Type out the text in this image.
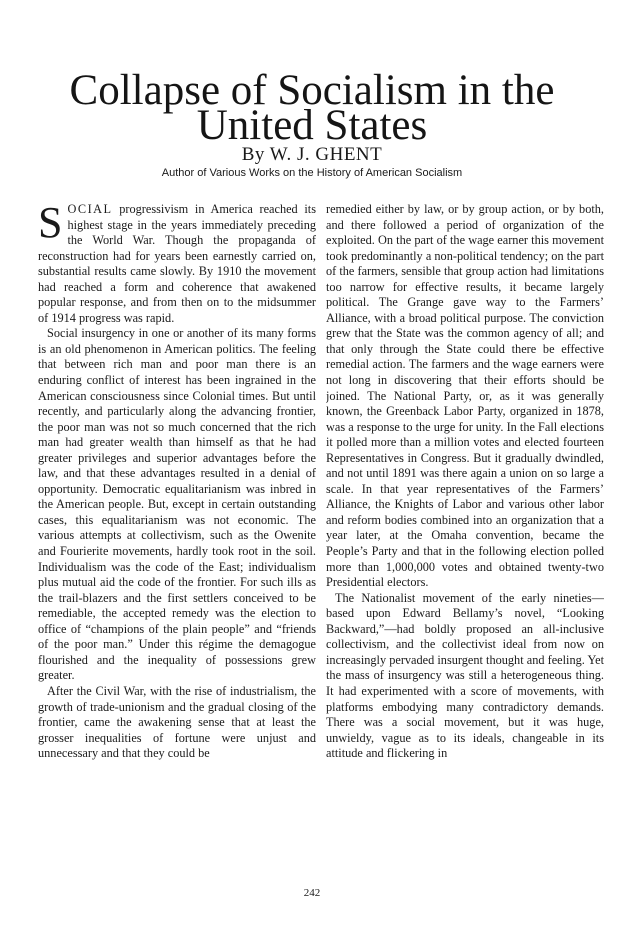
Collapse of Socialism in the
United States

By W. J. GHENT

Author of Various Works on the History of American Socialism

SOCIAL progressivism in America reached its highest stage in the years immediately preceding the World War. Though the propaganda of reconstruction had for years been earnestly carried on, substantial results came slowly. By 1910 the movement had reached a form and coherence that awakened popular response, and from then on to the midsummer of 1914 progress was rapid.

Social insurgency in one or another of its many forms is an old phenomenon in American politics. The feeling that between rich man and poor man there is an enduring conflict of interest has been ingrained in the American consciousness since Colonial times. But until recently, and particularly along the advancing frontier, the poor man was not so much concerned that the rich man had greater wealth than himself as that he had greater privileges and superior advantages before the law, and that these advantages resulted in a denial of opportunity. Democratic equalitarianism was inbred in the American people. But, except in certain outstanding cases, this equalitarianism was not economic. The various attempts at collectivism, such as the Owenite and Fourierite movements, hardly took root in the soil. Individualism was the code of the East; individualism plus mutual aid the code of the frontier. For such ills as the trail-blazers and the first settlers conceived to be remediable, the accepted remedy was the election to office of “champions of the plain people” and “friends of the poor man.” Under this régime the demagogue flourished and the inequality of possessions grew greater.

After the Civil War, with the rise of industrialism, the growth of trade-unionism and the gradual closing of the frontier, came the awakening sense that at least the grosser inequalities of fortune were unjust and unnecessary and that they could be

remedied either by law, or by group action, or by both, and there followed a period of organization of the exploited. On the part of the wage earner this movement took predominantly a non-political tendency; on the part of the farmers, sensible that group action had limitations too narrow for effective results, it became largely political. The Grange gave way to the Farmers’ Alliance, with a broad political purpose. The conviction grew that the State was the common agency of all; and that only through the State could there be effective remedial action. The farmers and the wage earners were not long in discovering that their efforts should be joined. The National Party, or, as it was generally known, the Greenback Labor Party, organized in 1878, was a response to the urge for unity. In the Fall elections it polled more than a million votes and elected fourteen Representatives in Congress. But it gradually dwindled, and not until 1891 was there again a union on so large a scale. In that year representatives of the Farmers’ Alliance, the Knights of Labor and various other labor and reform bodies combined into an organization that a year later, at the Omaha convention, became the People’s Party and that in the following election polled more than 1,000,000 votes and obtained twenty-two Presidential electors.

The Nationalist movement of the early nineties—based upon Edward Bellamy’s novel, “Looking Backward,”—had boldly proposed an all-inclusive collectivism, and the collectivist ideal from now on increasingly pervaded insurgent thought and feeling. Yet the mass of insurgency was still a heterogeneous thing. It had experimented with a score of movements, with platforms embodying many contradictory demands. There was a social movement, but it was huge, unwieldy, vague as to its ideals, changeable in its attitude and flickering in

242
